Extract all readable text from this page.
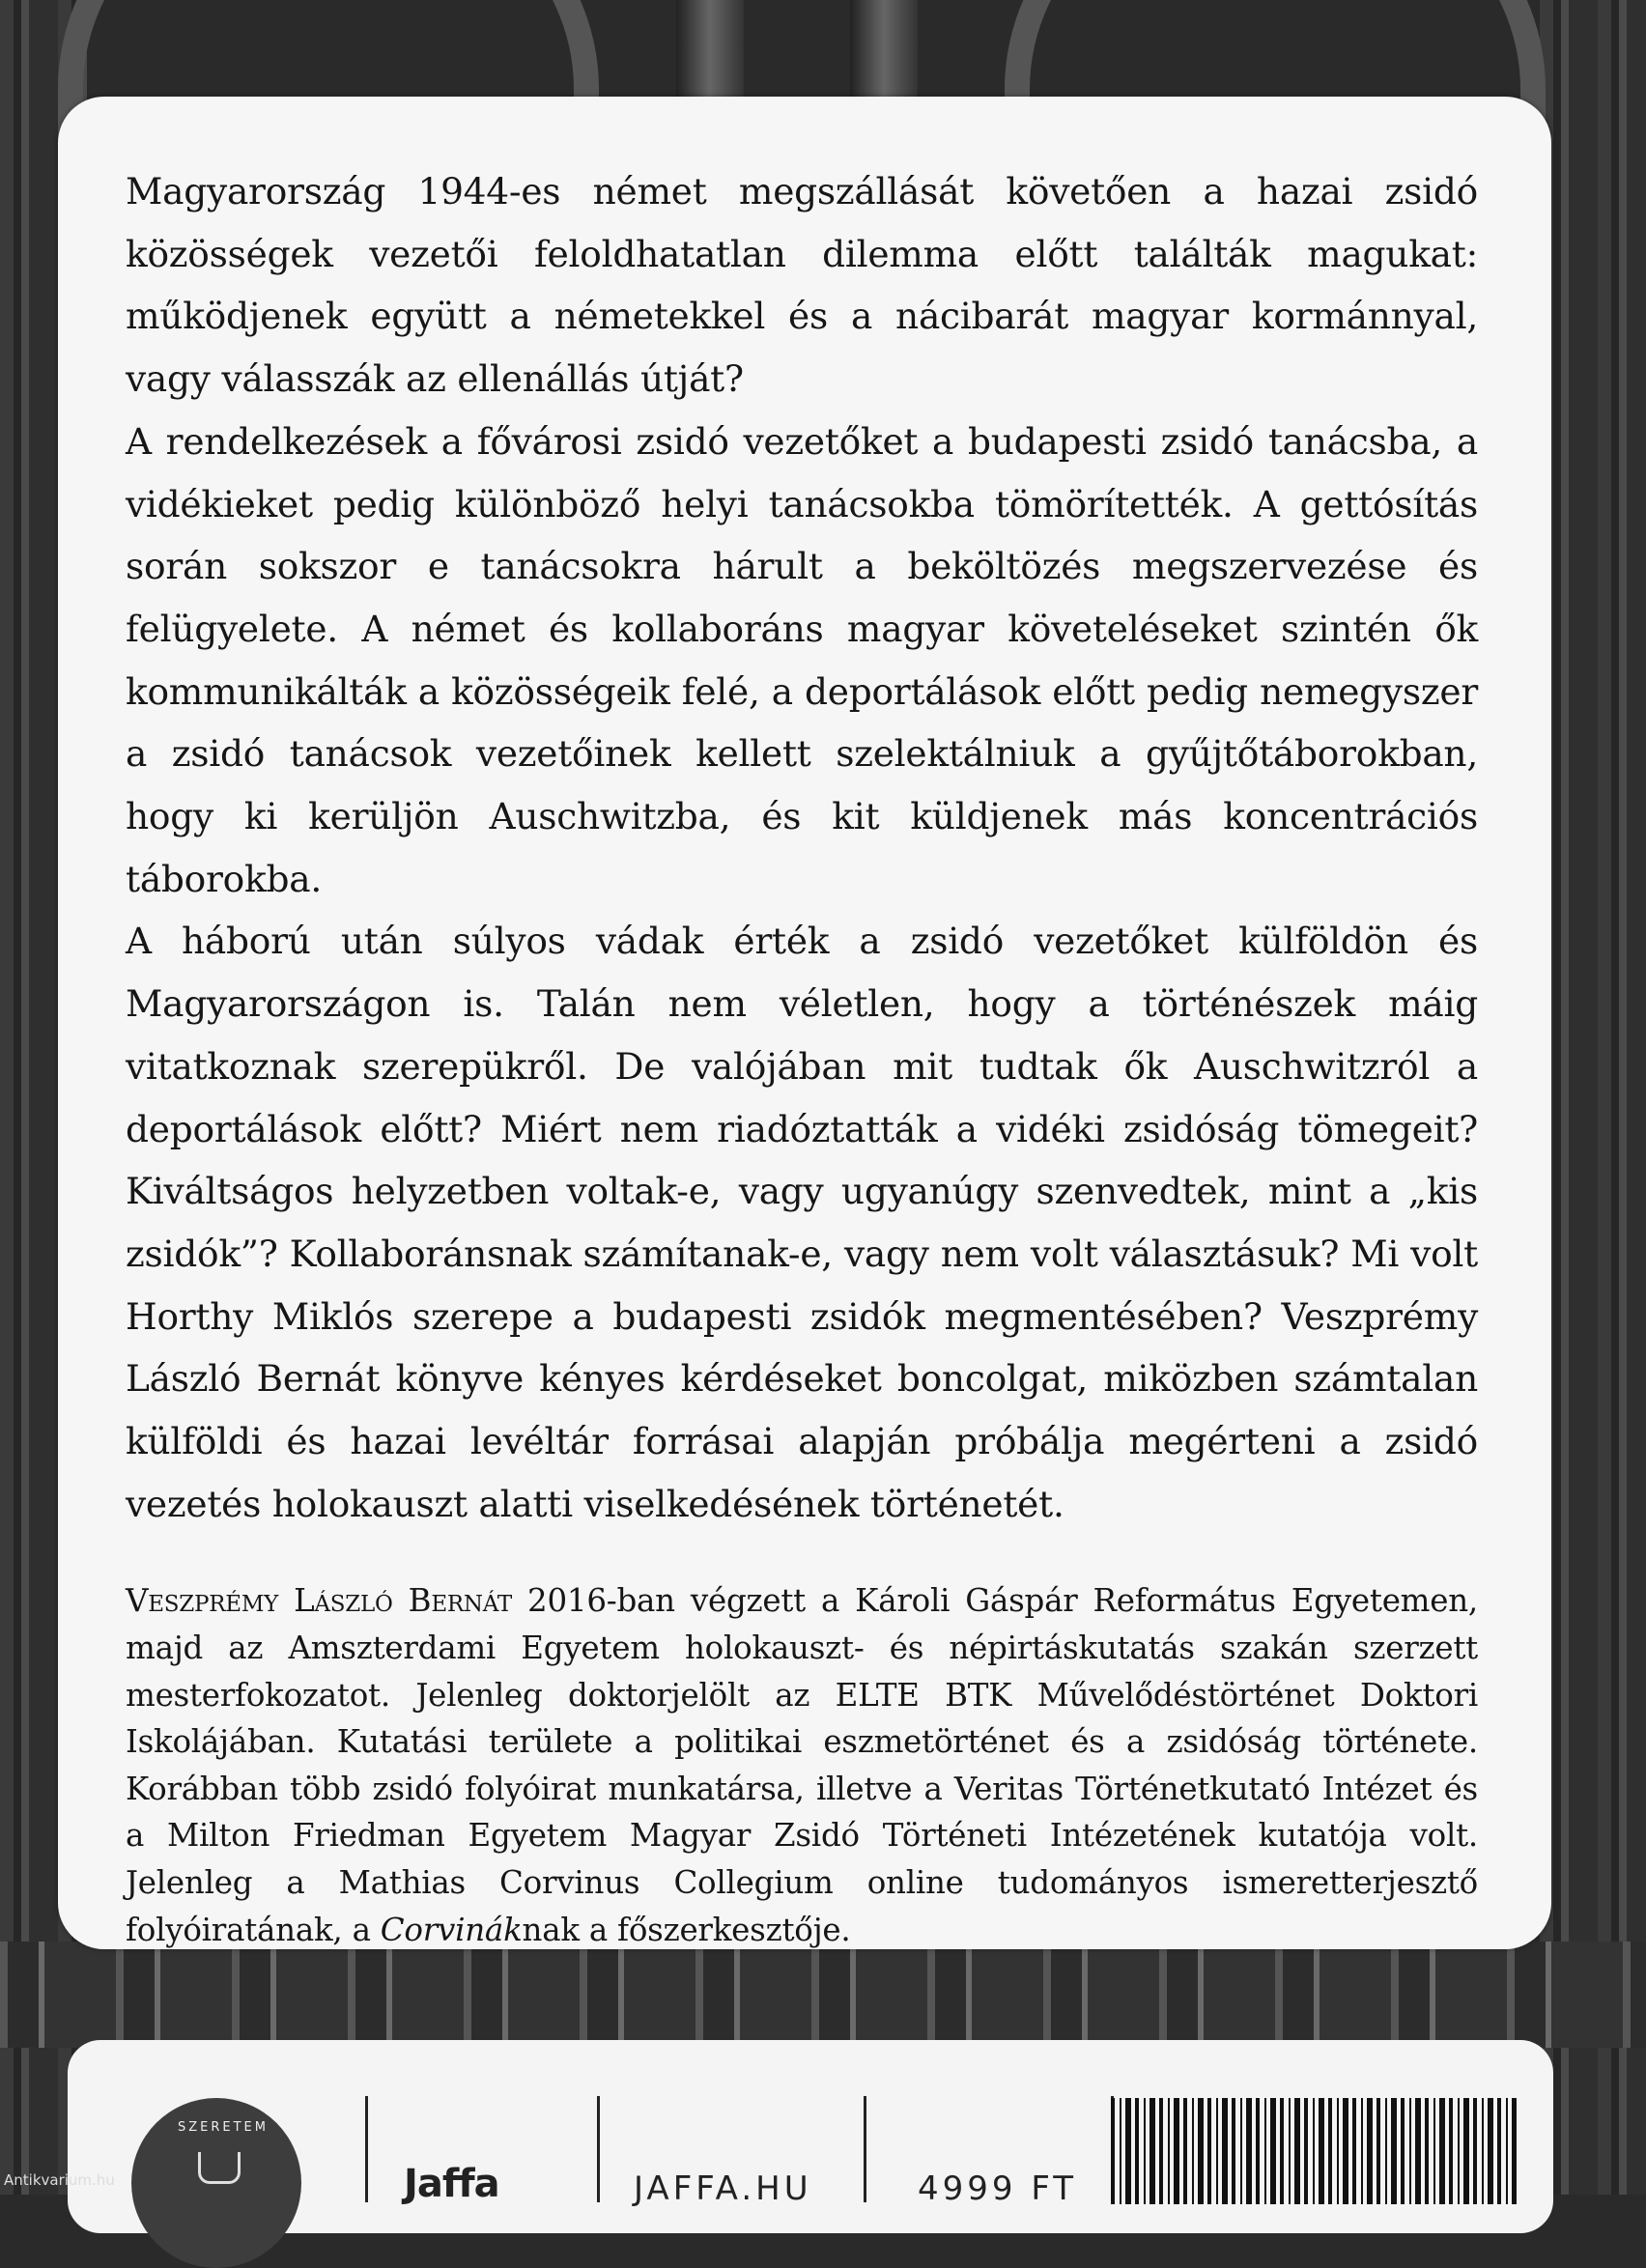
Magyarország 1944-es német megszállását követően a hazai zsidó közösségek vezetői feloldhatatlan dilemma előtt találták magukat: működjenek együtt a németekkel és a nácibarát magyar kormánnyal, vagy válasszák az ellenállás útját?

A rendelkezések a fővárosi zsidó vezetőket a budapesti zsidó tanácsba, a vidékieket pedig különböző helyi tanácsokba tömörítették. A gettósítás során sokszor e tanácsokra hárult a beköltözés megszervezése és felügyelete. A német és kollaboráns magyar követeléseket szintén ők kommunikálták a közösségeik felé, a deportálások előtt pedig nemegyszer a zsidó tanácsok vezetőinek kellett szelektálniuk a gyűjtőtáborokban, hogy ki kerüljön Auschwitzba, és kit küldjenek más koncentrációs táborokba.

A háború után súlyos vádak érték a zsidó vezetőket külföldön és Magyarországon is. Talán nem véletlen, hogy a történészek máig vitatkoznak szerepükről. De valójában mit tudtak ők Auschwitzról a deportálások előtt? Miért nem riadóztatták a vidéki zsidóság tömegeit? Kiváltságos helyzetben voltak-e, vagy ugyanúgy szenvedtek, mint a „kis zsidók”? Kollaboránsnak számítanak-e, vagy nem volt választásuk? Mi volt Horthy Miklós szerepe a budapesti zsidók megmentésében? Veszprémy László Bernát könyve kényes kérdéseket boncolgat, miközben számtalan külföldi és hazai levéltár forrásai alapján próbálja megérteni a zsidó vezetés holokauszt alatti viselkedésének történetét.

Veszprémy László Bernát 2016-ban végzett a Károli Gáspár Református Egyetemen, majd az Amszterdami Egyetem holokauszt- és népirtáskutatás szakán szerzett mesterfokozatot. Jelenleg doktorjelölt az ELTE BTK Művelődéstörténet Doktori Iskolájában. Kutatási területe a politikai eszmetörténet és a zsidóság története. Korábban több zsidó folyóirat munkatársa, illetve a Veritas Történetkutató Intézet és a Milton Friedman Egyetem Magyar Zsidó Történeti Intézetének kutatója volt. Jelenleg a Mathias Corvinus Collegium online tudományos ismeretterjesztő folyóiratának, a Corvináknak a főszerkesztője.

SZERETEM
Jaffa	JAFFA.HU	4999 FT
Antikvarium.hu
